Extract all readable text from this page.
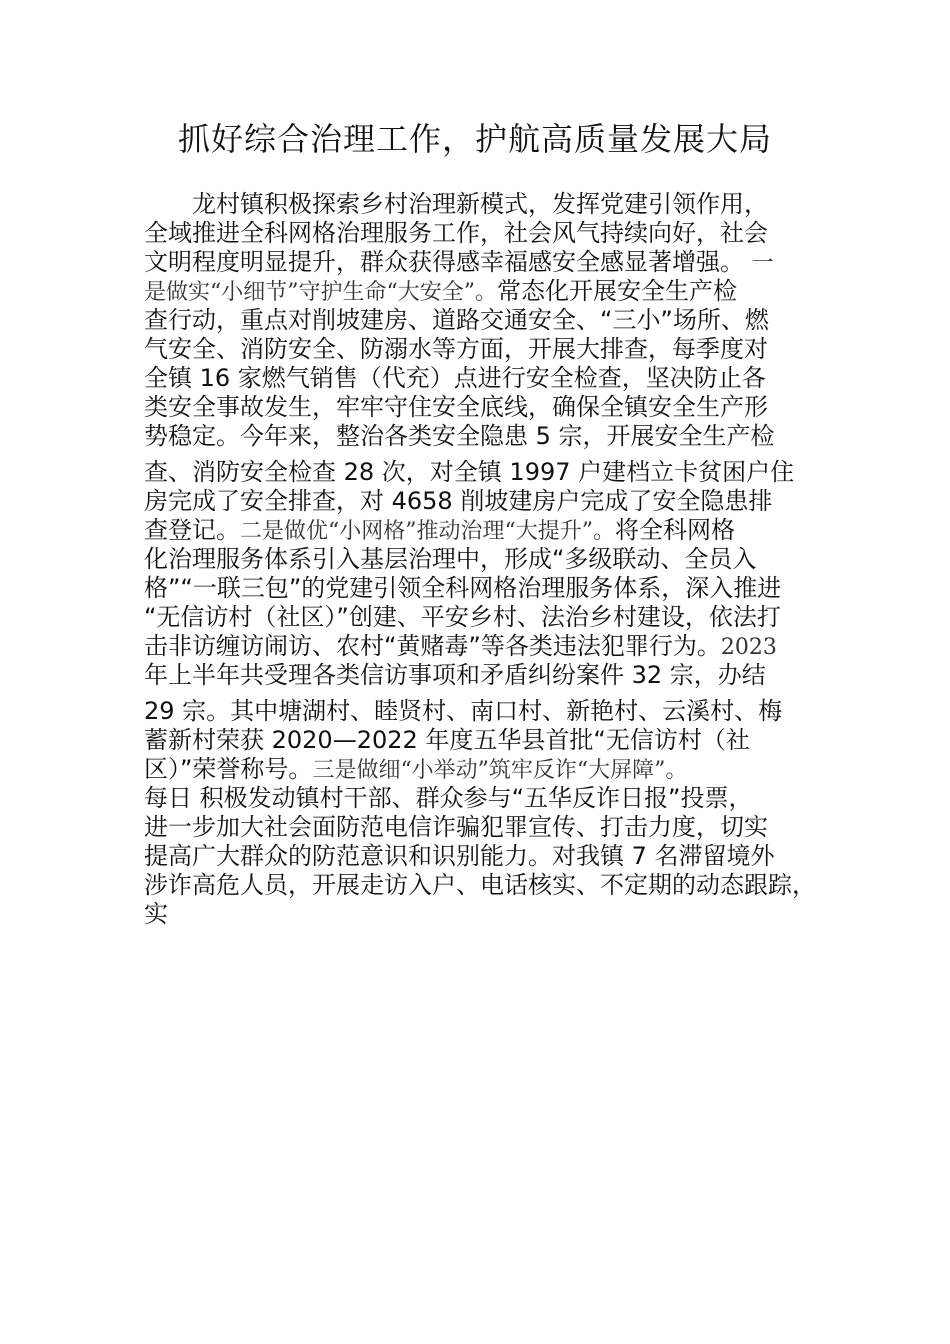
抓好综合治理工作，护航高质量发展大局
龙村镇积极探索乡村治理新模式，发挥党建引领作用，
全域推进全科网格治理服务工作，社会风气持续向好，社会
文明程度明显提升，群众获得感幸福感安全感显著增强。 一
是做实“小细节”守护生命“大安全”。常态化开展安全生产检
查行动，重点对削坡建房、道路交通安全、“三小”场所、燃
气安全、消防安全、防溺水等方面，开展大排查，每季度对
全镇 16 家燃气销售（代充）点进行安全检查，坚决防止各
类安全事故发生，牢牢守住安全底线，确保全镇安全生产形
势稳定。今年来，整治各类安全隐患 5 宗，开展安全生产检
查、消防安全检查 28 次，对全镇 1997 户建档立卡贫困户住
房完成了安全排查，对 4658 削坡建房户完成了安全隐患排
查登记。二是做优“小网格”推动治理“大提升”。将全科网格
化治理服务体系引入基层治理中，形成“多级联动、全员入
格”“一联三包”的党建引领全科网格治理服务体系，深入推进
“无信访村（社区）”创建、平安乡村、法治乡村建设，依法打
击非访缠访闹访、农村“黄赌毒”等各类违法犯罪行为。2023
年上半年共受理各类信访事项和矛盾纠纷案件 32 宗，办结
29 宗。其中塘湖村、睦贤村、南口村、新艳村、云溪村、梅
蓄新村荣获 2020—2022 年度五华县首批“无信访村（社
区）”荣誉称号。三是做细“小举动”筑牢反诈“大屏障”。
每日 积极发动镇村干部、群众参与“五华反诈日报”投票，
进一步加大社会面防范电信诈骗犯罪宣传、打击力度，切实
提高广大群众的防范意识和识别能力。对我镇 7 名滞留境外
涉诈高危人员，开展走访入户、电话核实、不定期的动态跟踪，
实
